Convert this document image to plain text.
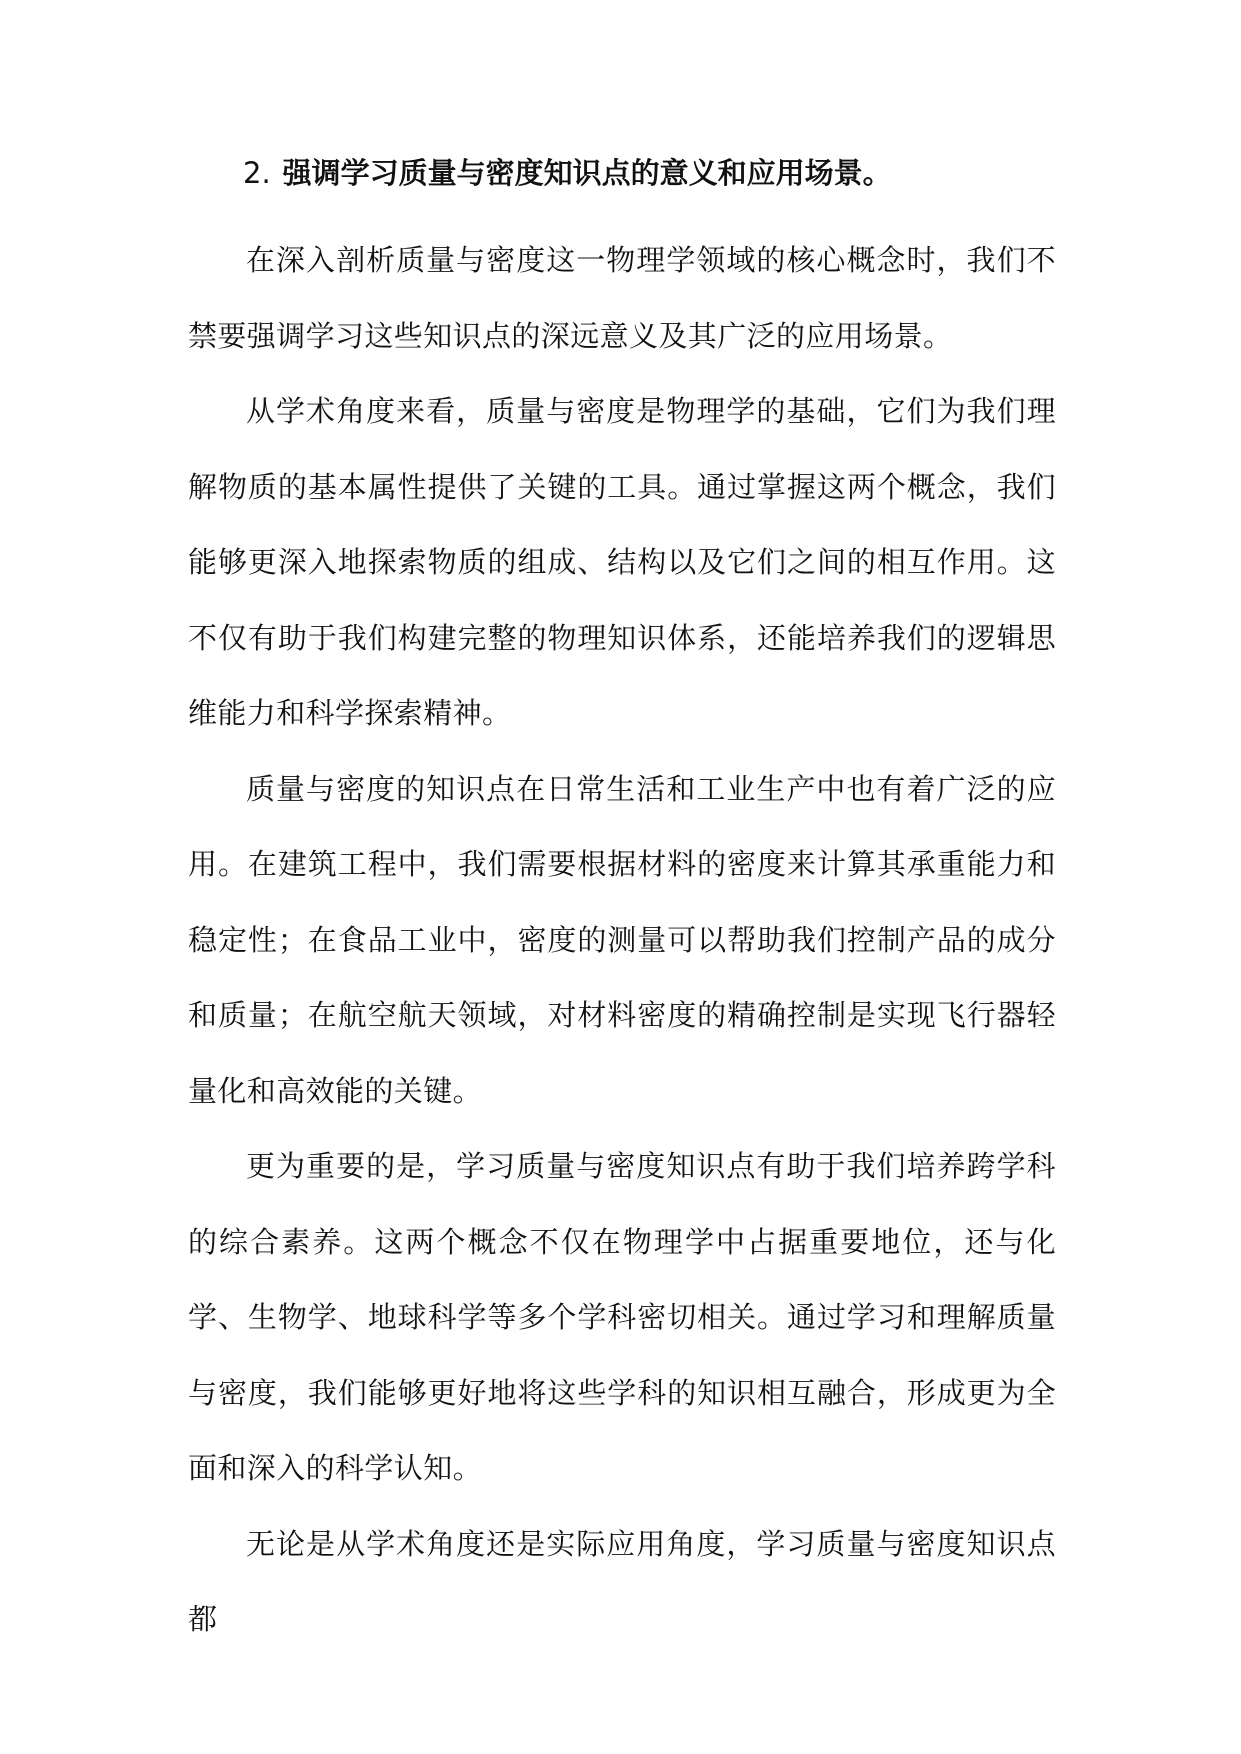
2. 强调学习质量与密度知识点的意义和应用场景。

在深入剖析质量与密度这一物理学领域的核心概念时，我们不禁要强调学习这些知识点的深远意义及其广泛的应用场景。

从学术角度来看，质量与密度是物理学的基础，它们为我们理解物质的基本属性提供了关键的工具。通过掌握这两个概念，我们能够更深入地探索物质的组成、结构以及它们之间的相互作用。这不仅有助于我们构建完整的物理知识体系，还能培养我们的逻辑思维能力和科学探索精神。

质量与密度的知识点在日常生活和工业生产中也有着广泛的应用。在建筑工程中，我们需要根据材料的密度来计算其承重能力和稳定性；在食品工业中，密度的测量可以帮助我们控制产品的成分和质量；在航空航天领域，对材料密度的精确控制是实现飞行器轻量化和高效能的关键。

更为重要的是，学习质量与密度知识点有助于我们培养跨学科的综合素养。这两个概念不仅在物理学中占据重要地位，还与化学、生物学、地球科学等多个学科密切相关。通过学习和理解质量与密度，我们能够更好地将这些学科的知识相互融合，形成更为全面和深入的科学认知。

无论是从学术角度还是实际应用角度，学习质量与密度知识点都
